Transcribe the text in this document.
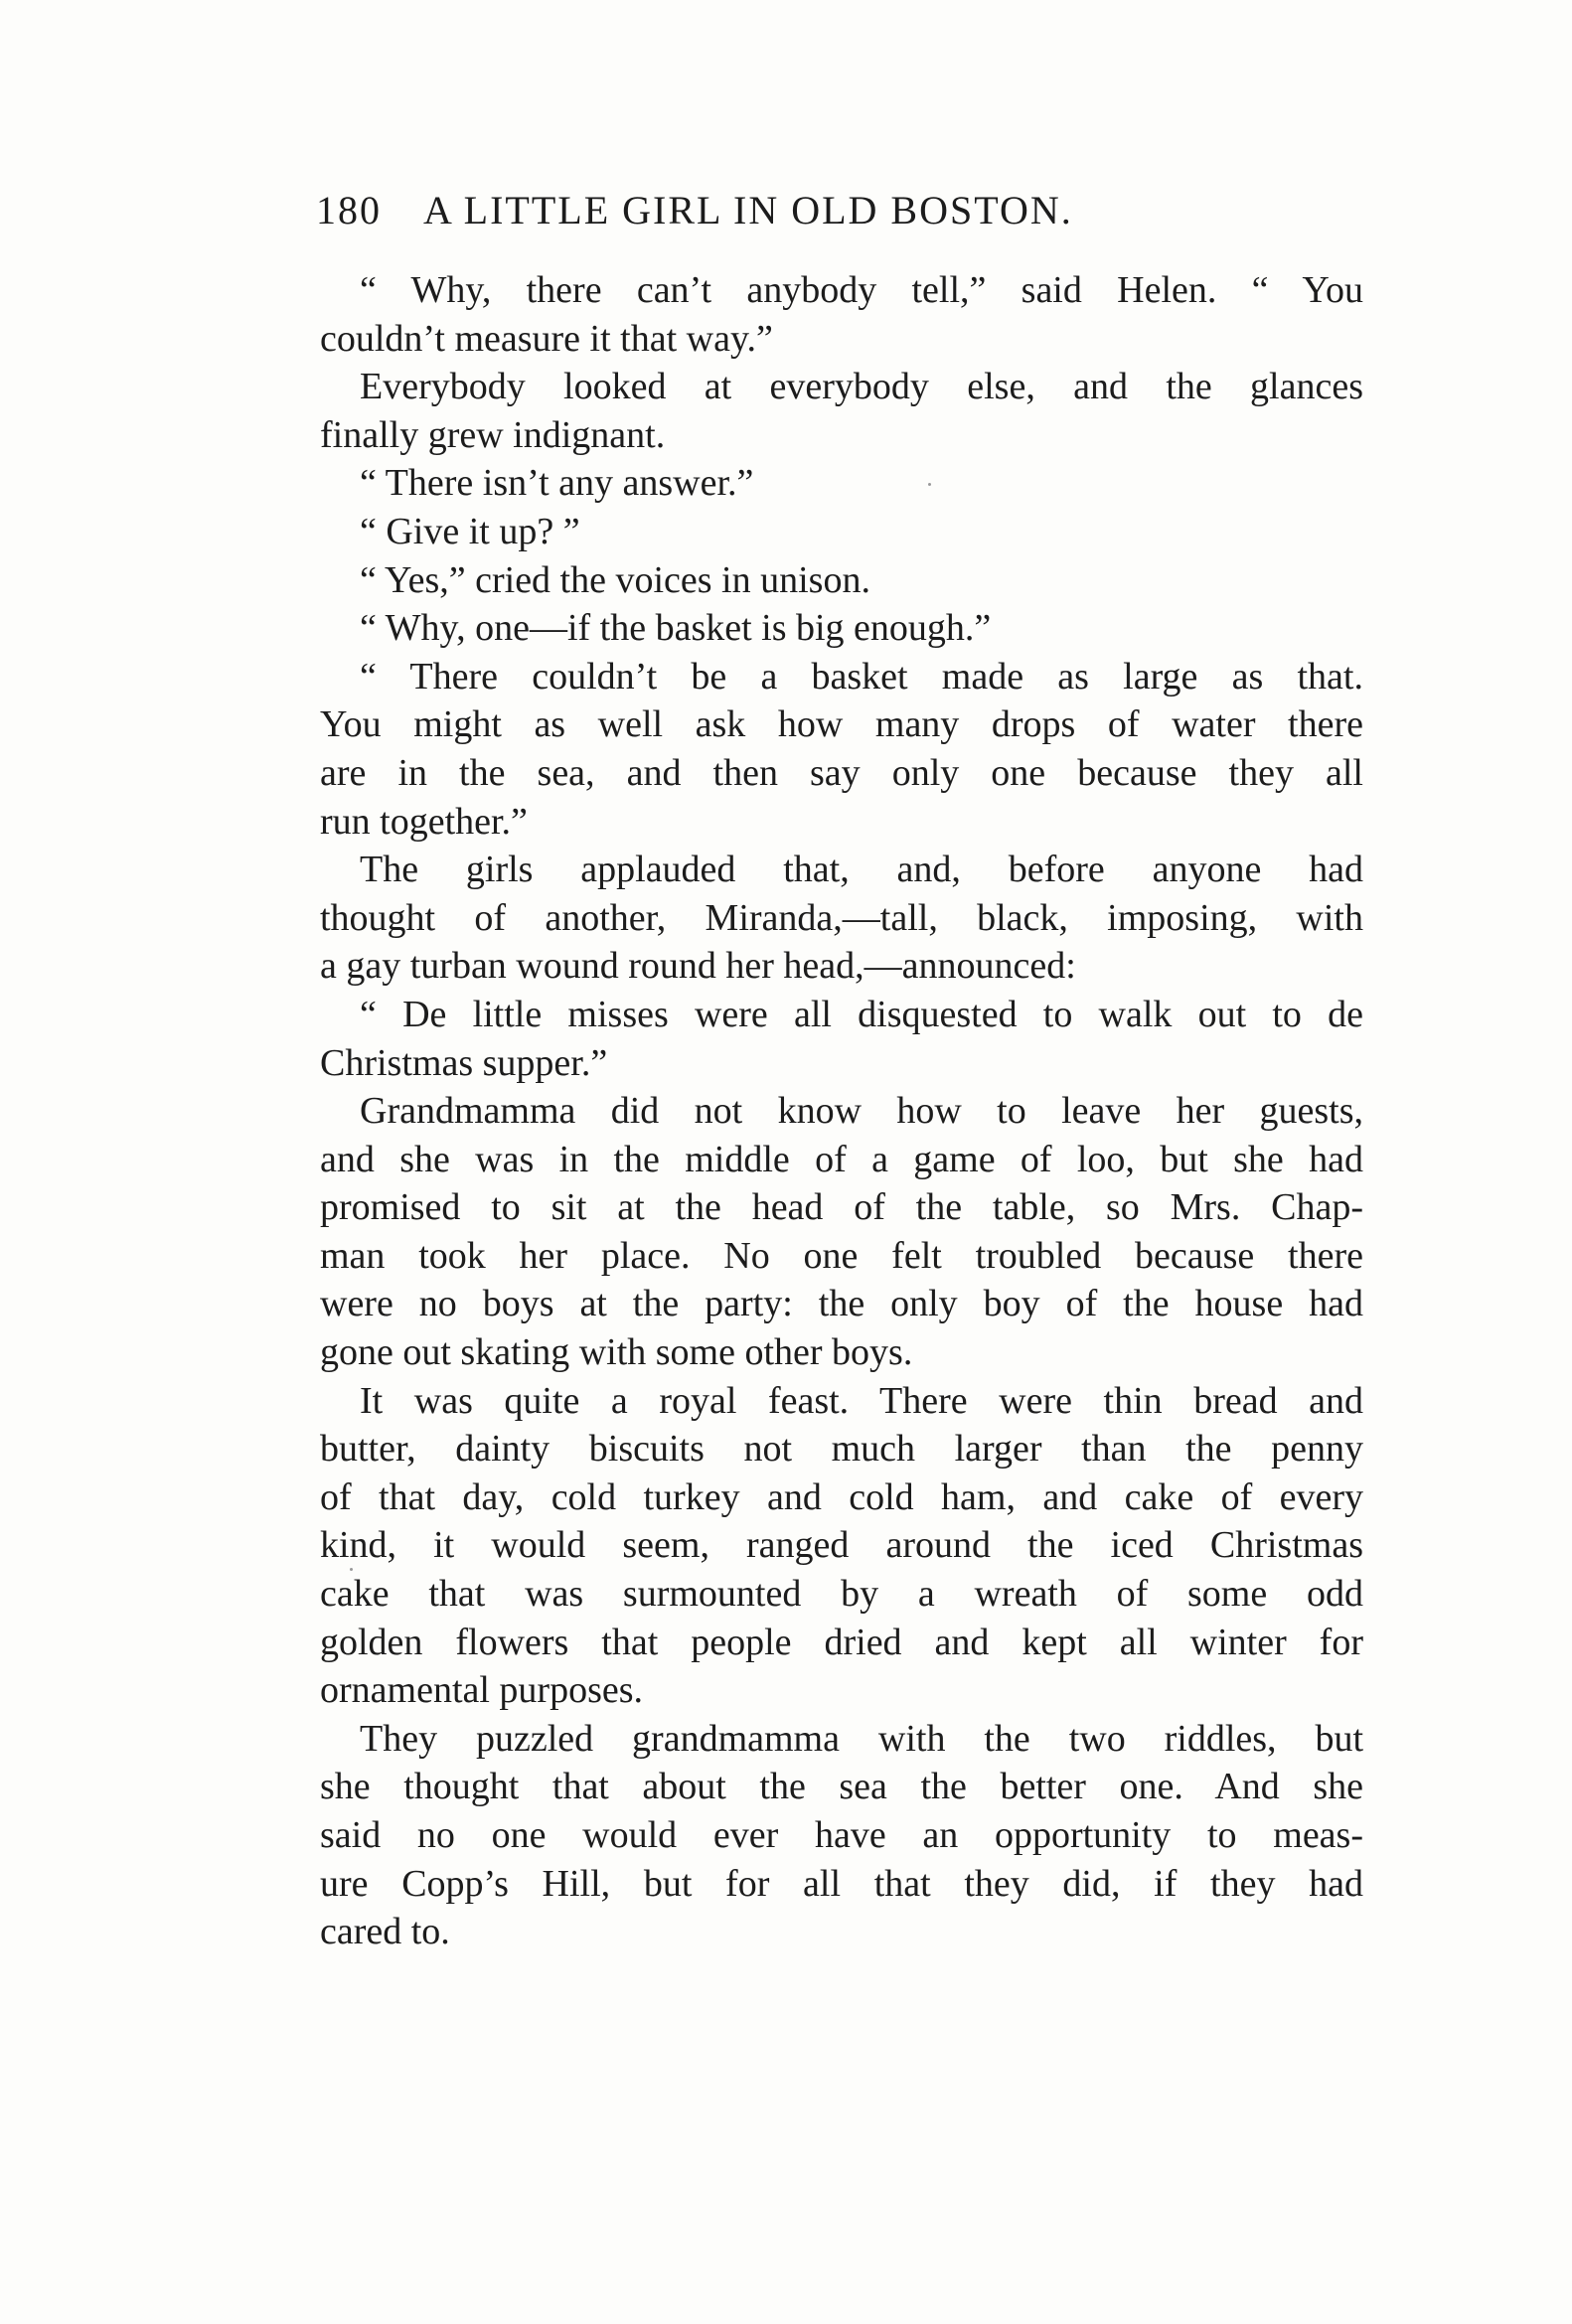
180 A LITTLE GIRL IN OLD BOSTON.
“ Why, there can’t anybody tell,” said Helen. “ You
couldn’t measure it that way.”
Everybody looked at everybody else, and the glances
finally grew indignant.
“ There isn’t any answer.”
“ Give it up? ”
“ Yes,” cried the voices in unison.
“ Why, one—if the basket is big enough.”
“ There couldn’t be a basket made as large as that.
You might as well ask how many drops of water there
are in the sea, and then say only one because they all
run together.”
The girls applauded that, and, before anyone had
thought of another, Miranda,—tall, black, imposing, with
a gay turban wound round her head,—announced:
“ De little misses were all disquested to walk out to de
Christmas supper.”
Grandmamma did not know how to leave her guests,
and she was in the middle of a game of loo, but she had
promised to sit at the head of the table, so Mrs. Chap-
man took her place. No one felt troubled because there
were no boys at the party: the only boy of the house had
gone out skating with some other boys.
It was quite a royal feast. There were thin bread and
butter, dainty biscuits not much larger than the penny
of that day, cold turkey and cold ham, and cake of every
kind, it would seem, ranged around the iced Christmas
cake that was surmounted by a wreath of some odd
golden flowers that people dried and kept all winter for
ornamental purposes.
They puzzled grandmamma with the two riddles, but
she thought that about the sea the better one. And she
said no one would ever have an opportunity to meas-
ure Copp’s Hill, but for all that they did, if they had
cared to.
